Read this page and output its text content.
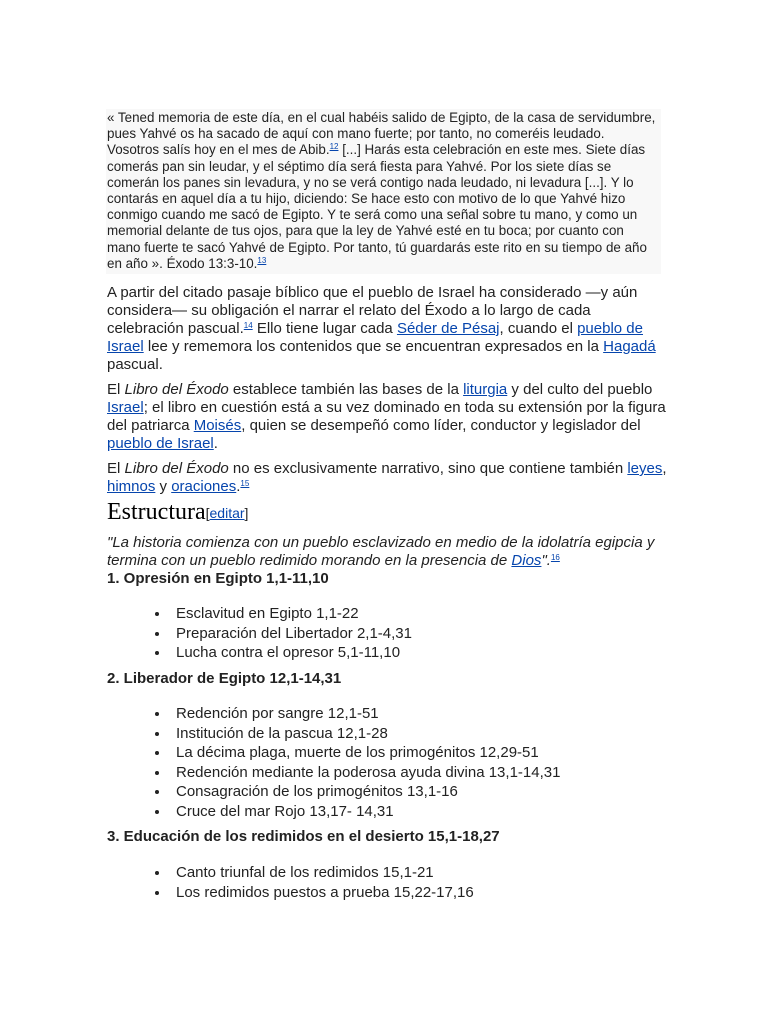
« Tened memoria de este día, en el cual habéis salido de Egipto, de la casa de servidumbre, pues Yahvé os ha sacado de aquí con mano fuerte; por tanto, no comeréis leudado. Vosotros salís hoy en el mes de Abib.$^{12}$ [...] Harás esta celebración en este mes. Siete días comerás pan sin leudar, y el séptimo día será fiesta para Yahvé. Por los siete días se comerán los panes sin levadura, y no se verá contigo nada leudado, ni levadura [...]. Y lo contarás en aquel día a tu hijo, diciendo: Se hace esto con motivo de lo que Yahvé hizo conmigo cuando me sacó de Egipto. Y te será como una señal sobre tu mano, y como un memorial delante de tus ojos, para que la ley de Yahvé esté en tu boca; por cuanto con mano fuerte te sacó Yahvé de Egipto. Por tanto, tú guardarás este rito en su tiempo de año en año ». Éxodo 13:3-10.13

A partir del citado pasaje bíblico que el pueblo de Israel ha considerado —y aún considera— su obligación el narrar el relato del Éxodo a lo largo de cada celebración pascual.$^{14}$ Ello tiene lugar cada Séder de Pésaj, cuando el pueblo de Israel lee y rememora los contenidos que se encuentran expresados en la Hagadá pascual.

El Libro del Éxodo establece también las bases de la liturgia y del culto del pueblo Israel; el libro en cuestión está a su vez dominado en toda su extensión por la figura del patriarca Moisés, quien se desempeñó como líder, conductor y legislador del pueblo de Israel.

El Libro del Éxodo no es exclusivamente narrativo, sino que contiene también leyes, himnos y oraciones.$^{15}$

Estructura[editar]
"La historia comienza con un pueblo esclavizado en medio de la idolatría egipcia y termina con un pueblo redimido morando en la presencia de Dios".$^{16}$
1. Opresión en Egipto 1,1-11,10
Esclavitud en Egipto 1,1-22
Preparación del Libertador 2,1-4,31
Lucha contra el opresor 5,1-11,10
2. Liberador de Egipto 12,1-14,31
Redención por sangre 12,1-51
Institución de la pascua 12,1-28
La décima plaga, muerte de los primogénitos 12,29-51
Redención mediante la poderosa ayuda divina 13,1-14,31
Consagración de los primogénitos 13,1-16
Cruce del mar Rojo 13,17- 14,31
3. Educación de los redimidos en el desierto 15,1-18,27
Canto triunfal de los redimidos 15,1-21
Los redimidos puestos a prueba 15,22-17,16
